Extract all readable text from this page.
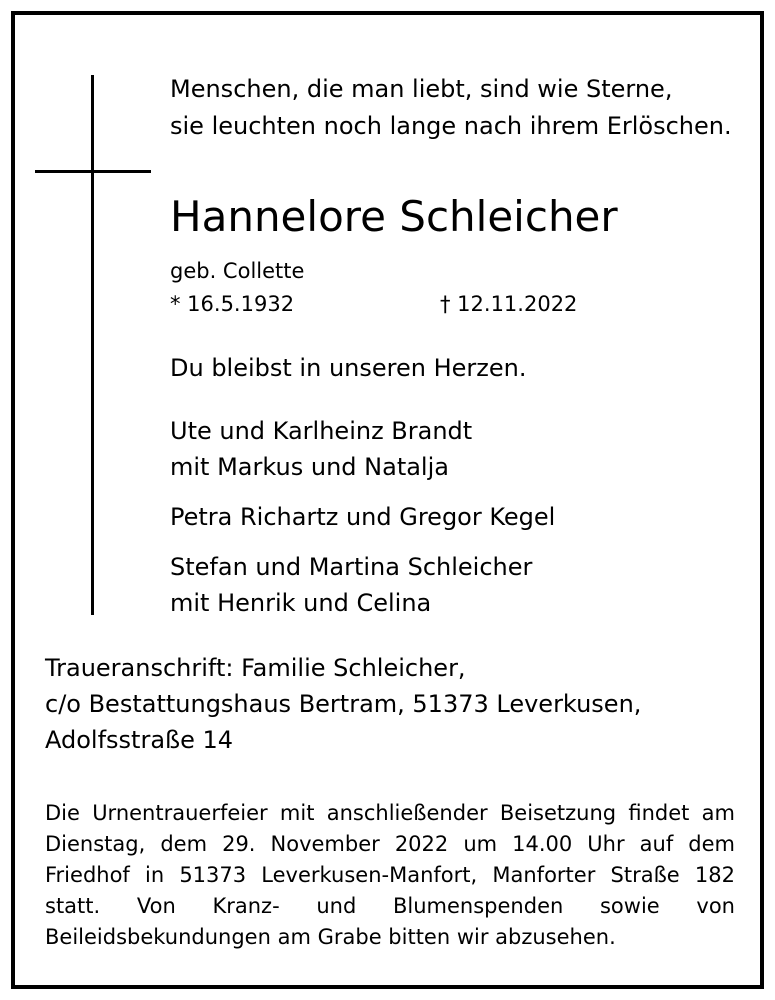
Menschen, die man liebt, sind wie Sterne,
sie leuchten noch lange nach ihrem Erlöschen.
Hannelore Schleicher
geb. Collette
* 16.5.1932	† 12.11.2022
Du bleibst in unseren Herzen.
Ute und Karlheinz Brandt
mit Markus und Natalja
Petra Richartz und Gregor Kegel
Stefan und Martina Schleicher
mit Henrik und Celina
Traueranschrift: Familie Schleicher,
c/o Bestattungshaus Bertram, 51373 Leverkusen,
Adolfsstraße 14
Die Urnentrauerfeier mit anschließender Beisetzung findet am Dienstag, dem 29. November 2022 um 14.00 Uhr auf dem Friedhof in 51373 Leverkusen-Manfort, Manforter Straße 182 statt. Von Kranz- und Blumenspenden sowie von Beileidsbekundungen am Grabe bitten wir abzusehen.
